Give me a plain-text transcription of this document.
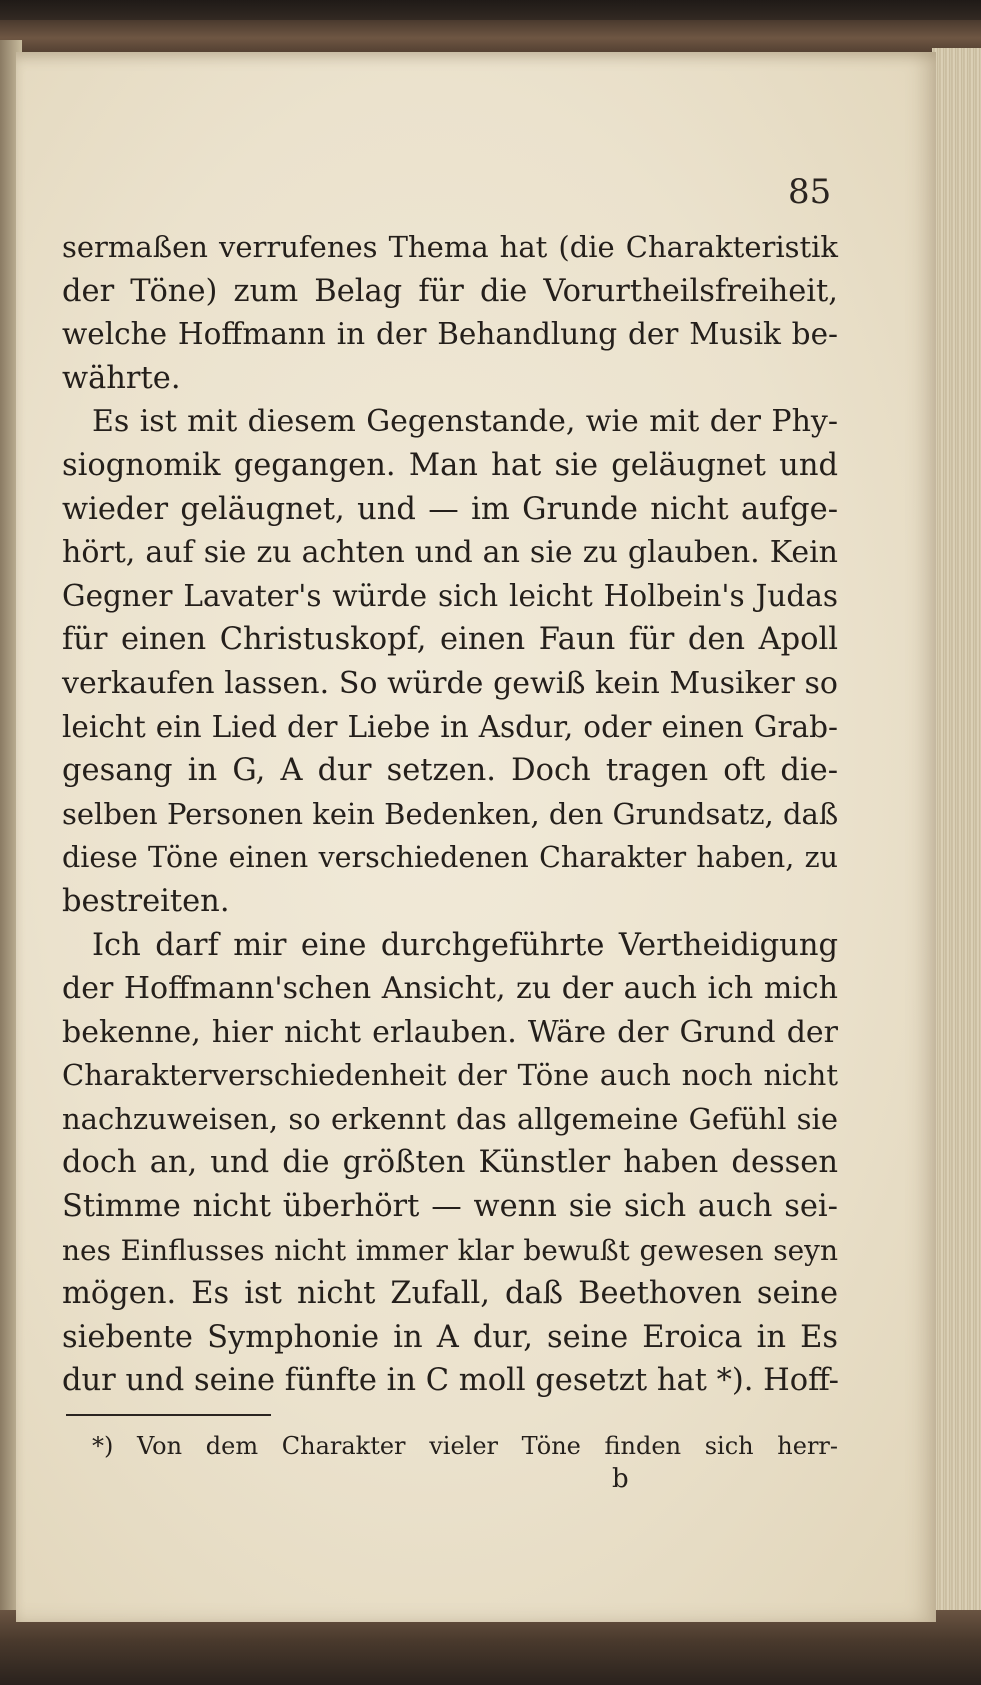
85
sermaßen verrufenes Thema hat (die Charakteristik
der Töne) zum Belag für die Vorurtheilsfreiheit,
welche Hoffmann in der Behandlung der Musik be-
währte.
Es ist mit diesem Gegenstande, wie mit der Phy-
siognomik gegangen. Man hat sie geläugnet und
wieder geläugnet, und — im Grunde nicht aufge-
hört, auf sie zu achten und an sie zu glauben. Kein
Gegner Lavater's würde sich leicht Holbein's Judas
für einen Christuskopf, einen Faun für den Apoll
verkaufen lassen. So würde gewiß kein Musiker so
leicht ein Lied der Liebe in Asdur, oder einen Grab-
gesang in G, A dur setzen. Doch tragen oft die-
selben Personen kein Bedenken, den Grundsatz, daß
diese Töne einen verschiedenen Charakter haben, zu
bestreiten.
Ich darf mir eine durchgeführte Vertheidigung
der Hoffmann'schen Ansicht, zu der auch ich mich
bekenne, hier nicht erlauben. Wäre der Grund der
Charakterverschiedenheit der Töne auch noch nicht
nachzuweisen, so erkennt das allgemeine Gefühl sie
doch an, und die größten Künstler haben dessen
Stimme nicht überhört — wenn sie sich auch sei-
nes Einflusses nicht immer klar bewußt gewesen seyn
mögen. Es ist nicht Zufall, daß Beethoven seine
siebente Symphonie in A dur, seine Eroica in Es
dur und seine fünfte in C moll gesetzt hat *). Hoff-
*) Von dem Charakter vieler Töne finden sich herr-
b
